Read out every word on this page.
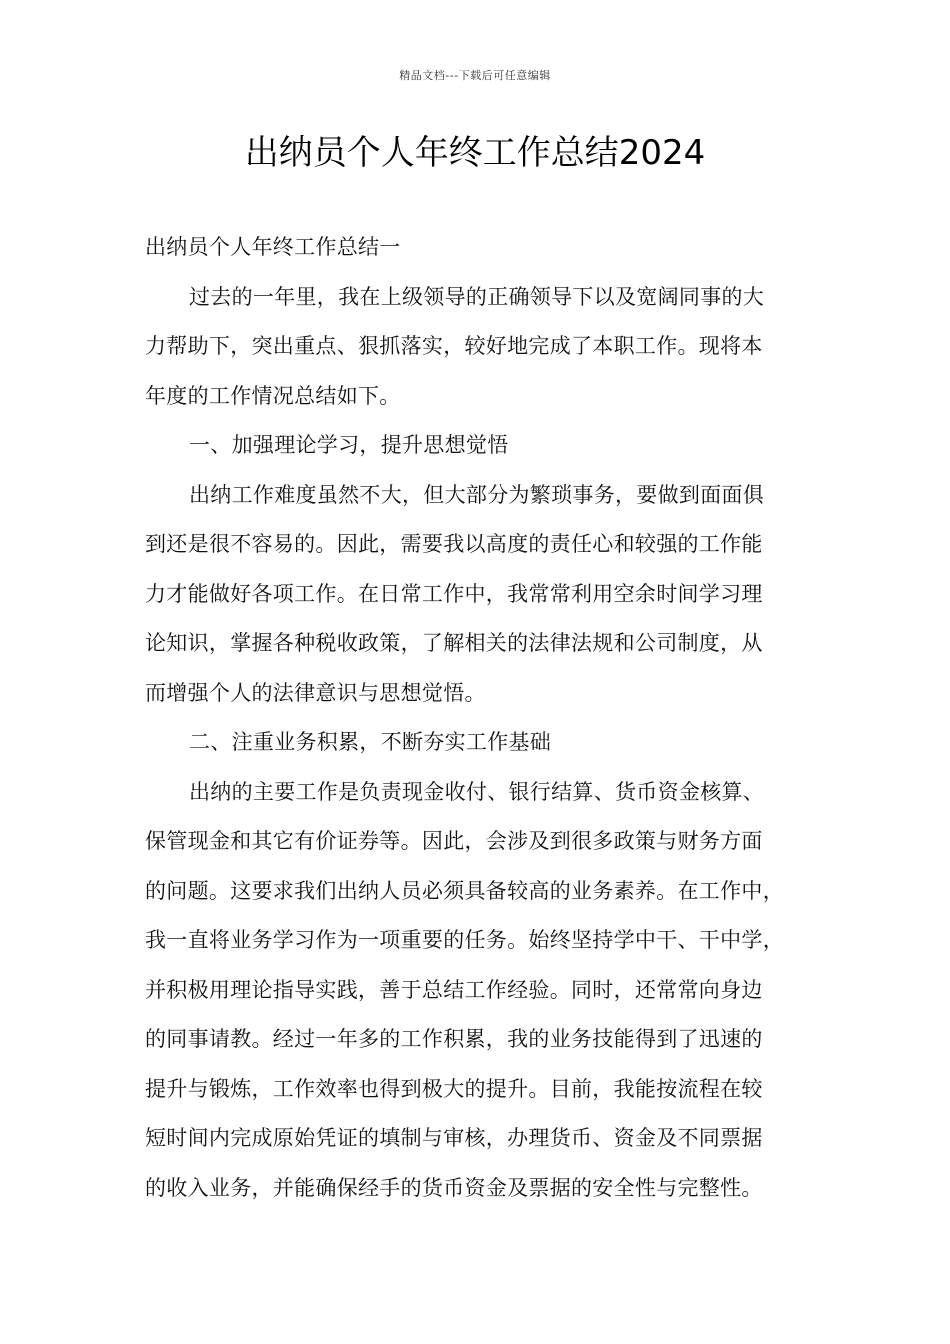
精品文档---下载后可任意编辑
出纳员个人年终工作总结2024
出纳员个人年终工作总结一
过去的一年里，我在上级领导的正确领导下以及宽阔同事的大
力帮助下，突出重点、狠抓落实，较好地完成了本职工作。现将本
年度的工作情况总结如下。
一、加强理论学习，提升思想觉悟
出纳工作难度虽然不大，但大部分为繁琐事务，要做到面面俱
到还是很不容易的。因此，需要我以高度的责任心和较强的工作能
力才能做好各项工作。在日常工作中，我常常利用空余时间学习理
论知识，掌握各种税收政策，了解相关的法律法规和公司制度，从
而增强个人的法律意识与思想觉悟。
二、注重业务积累，不断夯实工作基础
出纳的主要工作是负责现金收付、银行结算、货币资金核算、
保管现金和其它有价证券等。因此，会涉及到很多政策与财务方面
的问题。这要求我们出纳人员必须具备较高的业务素养。在工作中，
我一直将业务学习作为一项重要的任务。始终坚持学中干、干中学，
并积极用理论指导实践，善于总结工作经验。同时，还常常向身边
的同事请教。经过一年多的工作积累，我的业务技能得到了迅速的
提升与锻炼，工作效率也得到极大的提升。目前，我能按流程在较
短时间内完成原始凭证的填制与审核，办理货币、资金及不同票据
的收入业务，并能确保经手的货币资金及票据的安全性与完整性。
